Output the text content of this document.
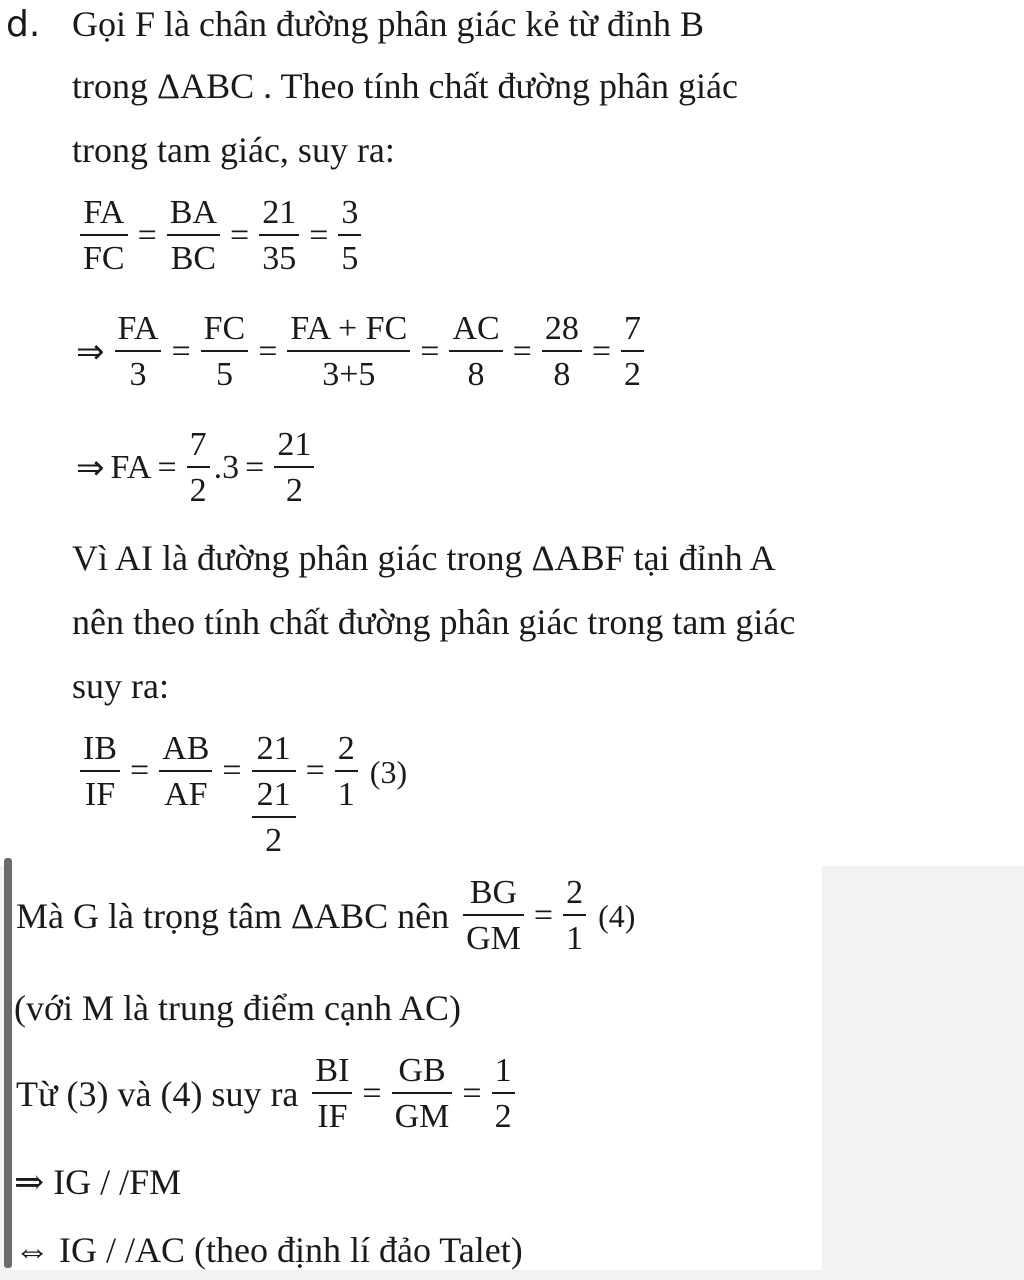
d. Gọi F là chân đường phân giác kẻ từ đỉnh B
trong ΔABC . Theo tính chất đường phân giác
trong tam giác, suy ra:
$\frac{FA}{FC} = \frac{BA}{BC} = \frac{21}{35} = \frac{3}{5}$
⇒ $\frac{FA}{3} = \frac{FC}{5} = \frac{FA + FC}{3+5} = \frac{AC}{8} = \frac{28}{8} = \frac{7}{2}$
⇒ FA = $\frac{7}{2} .3 = \frac{21}{2}$
Vì AI là đường phân giác trong ΔABF tại đỉnh A
nên theo tính chất đường phân giác trong tam giác
suy ra:
$\frac{IB}{IF} = \frac{AB}{AF}$ =
21
21
2
= $\frac{2}{1} (3)$
Mà G là trọng tâm ΔABC nên $\frac{BG}{GM} = \frac{2}{1} (4)$
(với M là trung điểm cạnh AC)
Từ (3) và (4) suy ra $\frac{BI}{IF} = \frac{GB}{GM} = \frac{1}{2}$
⇒ IG / /FM
⇔ IG / /AC (theo định lí đảo Talet)
